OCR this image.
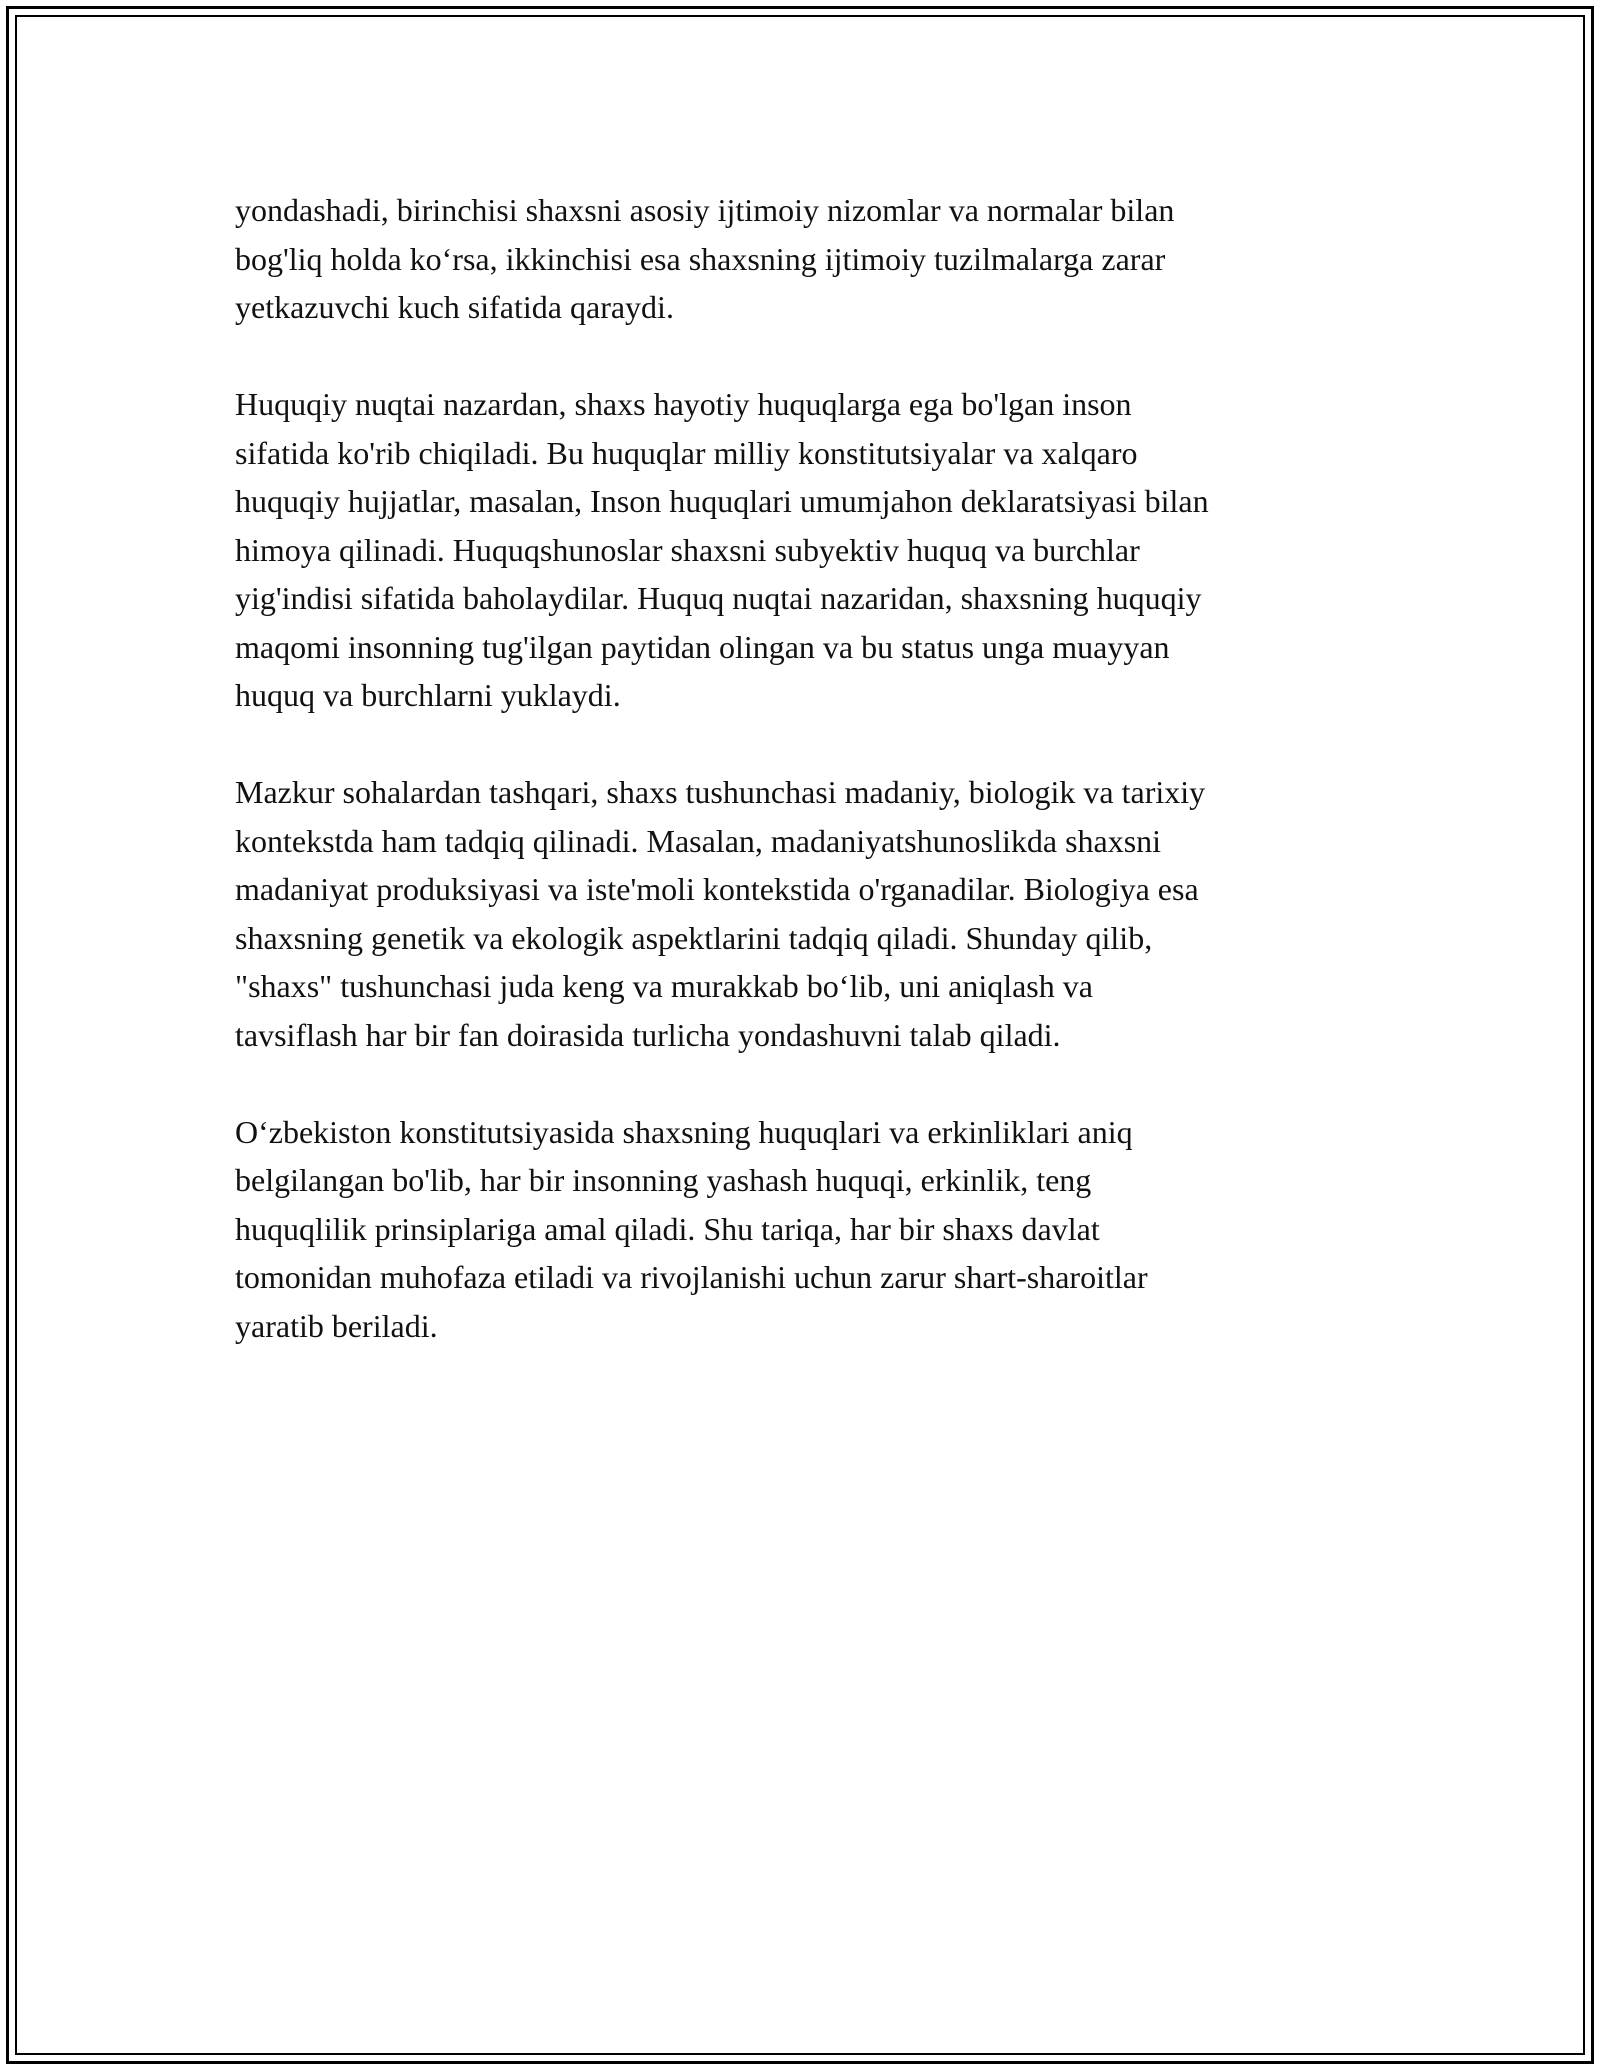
yondashadi, birinchisi shaxsni asosiy ijtimoiy nizomlar va normalar bilan
bog'liq holda koʻrsa, ikkinchisi esa shaxsning ijtimoiy tuzilmalarga zarar
yetkazuvchi kuch sifatida qaraydi.

Huquqiy nuqtai nazardan, shaxs hayotiy huquqlarga ega bo'lgan inson
sifatida ko'rib chiqiladi. Bu huquqlar milliy konstitutsiyalar va xalqaro
huquqiy hujjatlar, masalan, Inson huquqlari umumjahon deklaratsiyasi bilan
himoya qilinadi. Huquqshunoslar shaxsni subyektiv huquq va burchlar
yig'indisi sifatida baholaydilar. Huquq nuqtai nazaridan, shaxsning huquqiy
maqomi insonning tug'ilgan paytidan olingan va bu status unga muayyan
huquq va burchlarni yuklaydi.

Mazkur sohalardan tashqari, shaxs tushunchasi madaniy, biologik va tarixiy
kontekstda ham tadqiq qilinadi. Masalan, madaniyatshunoslikda shaxsni
madaniyat produksiyasi va iste'moli kontekstida o'rganadilar. Biologiya esa
shaxsning genetik va ekologik aspektlarini tadqiq qiladi. Shunday qilib,
"shaxs" tushunchasi juda keng va murakkab boʻlib, uni aniqlash va
tavsiflash har bir fan doirasida turlicha yondashuvni talab qiladi.

Oʻzbekiston konstitutsiyasida shaxsning huquqlari va erkinliklari aniq
belgilangan bo'lib, har bir insonning yashash huquqi, erkinlik, teng
huquqlilik prinsiplariga amal qiladi. Shu tariqa, har bir shaxs davlat
tomonidan muhofaza etiladi va rivojlanishi uchun zarur shart-sharoitlar
yaratib beriladi.
